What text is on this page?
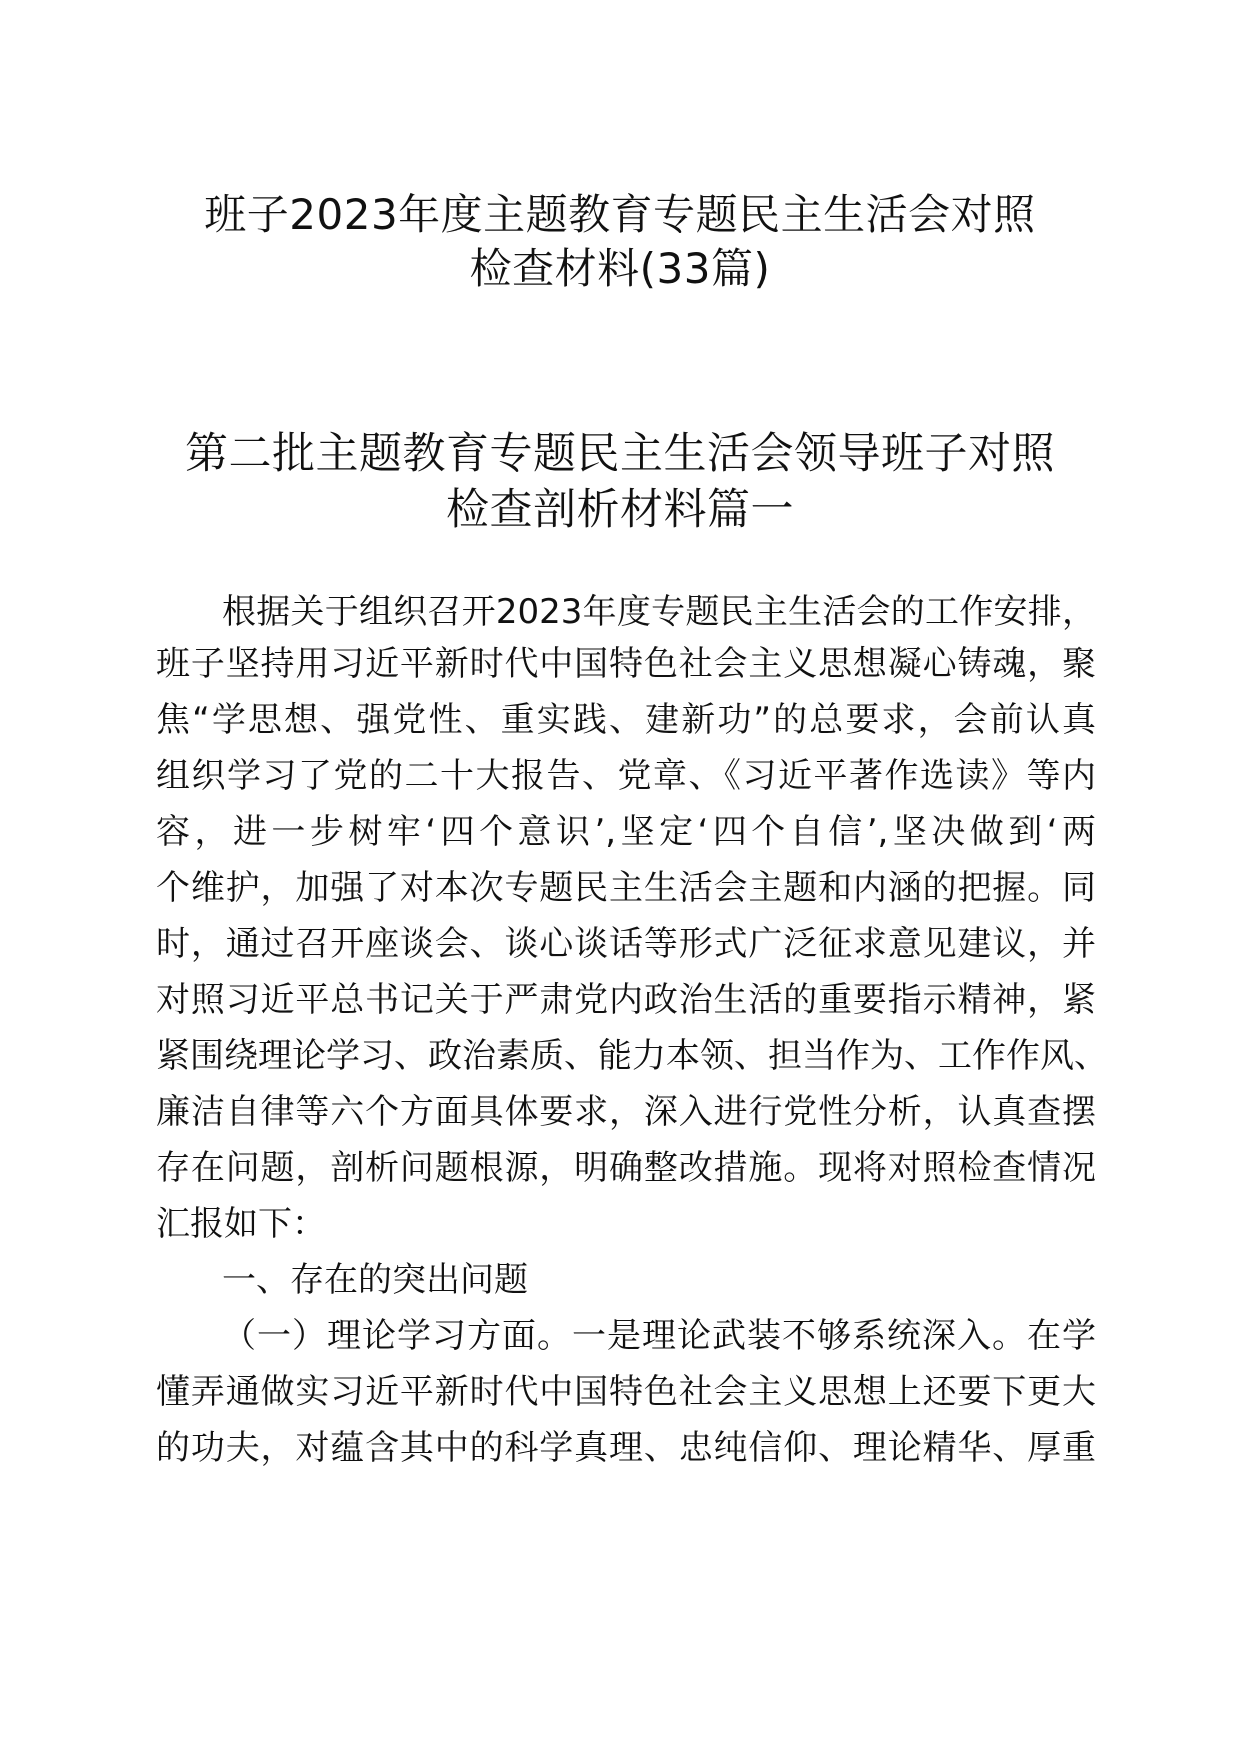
班子2023年度主题教育专题民主生活会对照
检查材料(33篇)
第二批主题教育专题民主生活会领导班子对照
检查剖析材料篇一
根据关于组织召开2023年度专题民主生活会的工作安排，
班子坚持用习近平新时代中国特色社会主义思想凝心铸魂，聚
焦“学思想、强党性、重实践、建新功”的总要求，会前认真
组织学习了党的二十大报告、党章、《习近平著作选读》等内
容，进一步树牢‘四个意识’,坚定‘四个自信’,坚决做到‘两
个维护，加强了对本次专题民主生活会主题和内涵的把握。同
时，通过召开座谈会、谈心谈话等形式广泛征求意见建议，并
对照习近平总书记关于严肃党内政治生活的重要指示精神，紧
紧围绕理论学习、政治素质、能力本领、担当作为、工作作风、
廉洁自律等六个方面具体要求，深入进行党性分析，认真查摆
存在问题，剖析问题根源，明确整改措施。现将对照检查情况
汇报如下：
一、存在的突出问题
（一）理论学习方面。一是理论武装不够系统深入。在学
懂弄通做实习近平新时代中国特色社会主义思想上还要下更大
的功夫，对蕴含其中的科学真理、忠纯信仰、理论精华、厚重
